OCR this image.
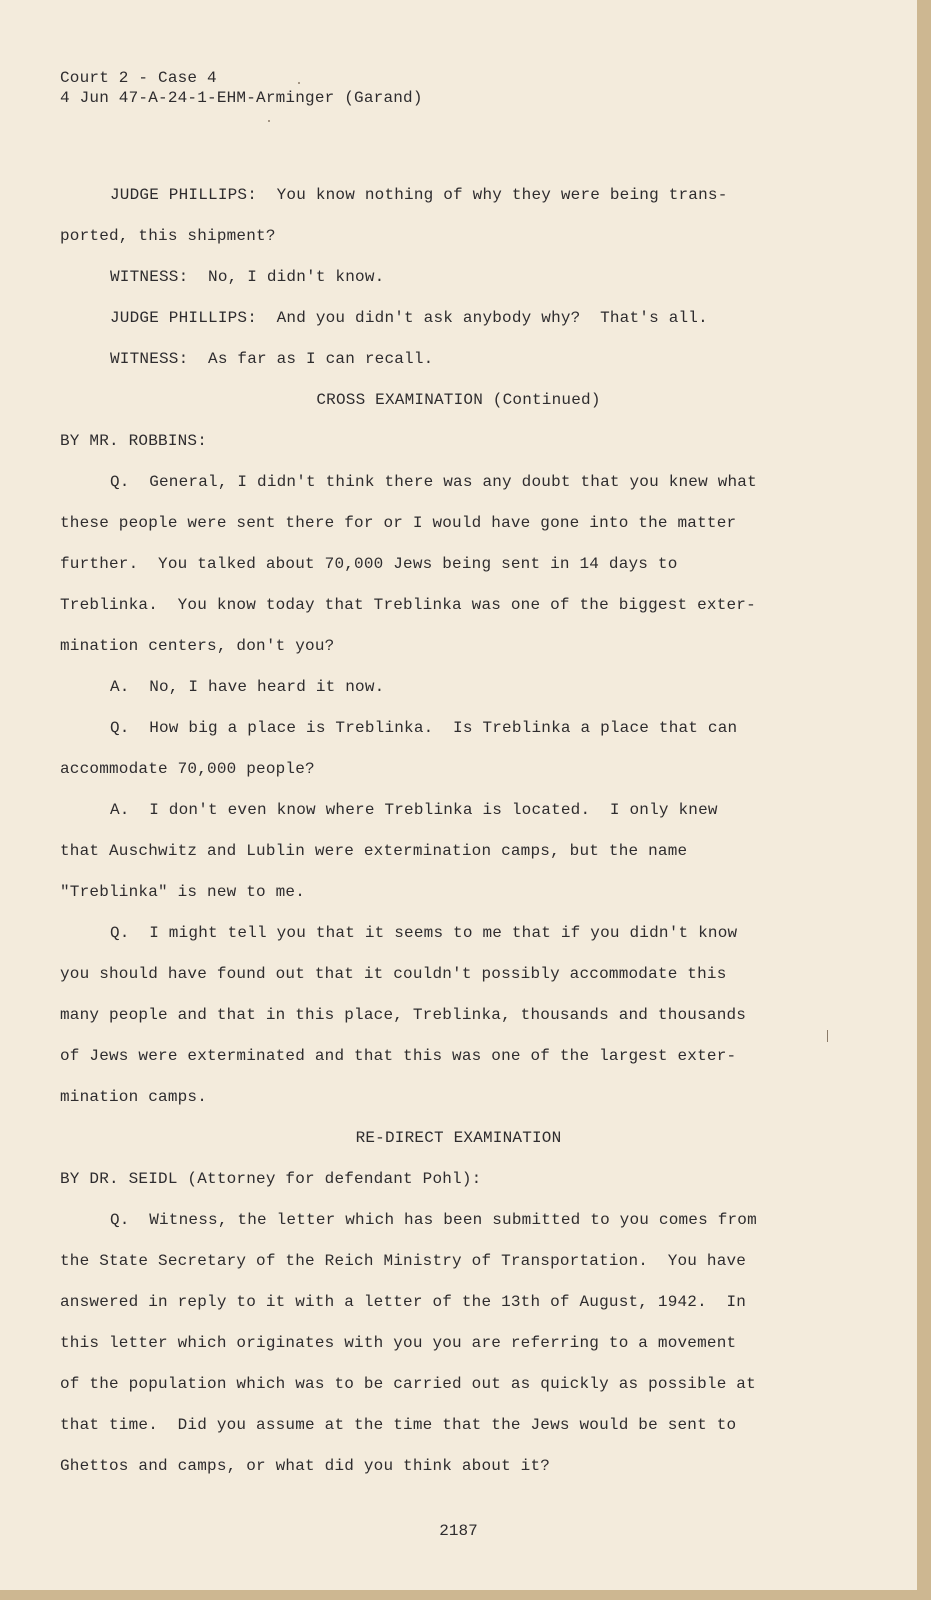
Court 2 - Case 4
4 Jun 47-A-24-1-EHM-Arminger (Garand)
JUDGE PHILLIPS:  You know nothing of why they were being trans-
ported, this shipment?
WITNESS:  No, I didn't know.
JUDGE PHILLIPS:  And you didn't ask anybody why?  That's all.
WITNESS:  As far as I can recall.
CROSS EXAMINATION (Continued)
BY MR. ROBBINS:
Q.  General, I didn't think there was any doubt that you knew what
these people were sent there for or I would have gone into the matter
further.  You talked about 70,000 Jews being sent in 14 days to
Treblinka.  You know today that Treblinka was one of the biggest exter-
mination centers, don't you?
A.  No, I have heard it now.
Q.  How big a place is Treblinka.  Is Treblinka a place that can
accommodate 70,000 people?
A.  I don't even know where Treblinka is located.  I only knew
that Auschwitz and Lublin were extermination camps, but the name
"Treblinka" is new to me.
Q.  I might tell you that it seems to me that if you didn't know
you should have found out that it couldn't possibly accommodate this
many people and that in this place, Treblinka, thousands and thousands
of Jews were exterminated and that this was one of the largest exter-
mination camps.
RE-DIRECT EXAMINATION
BY DR. SEIDL (Attorney for defendant Pohl):
Q.  Witness, the letter which has been submitted to you comes from
the State Secretary of the Reich Ministry of Transportation.  You have
answered in reply to it with a letter of the 13th of August, 1942.  In
this letter which originates with you you are referring to a movement
of the population which was to be carried out as quickly as possible at
that time.  Did you assume at the time that the Jews would be sent to
Ghettos and camps, or what did you think about it?
2187
